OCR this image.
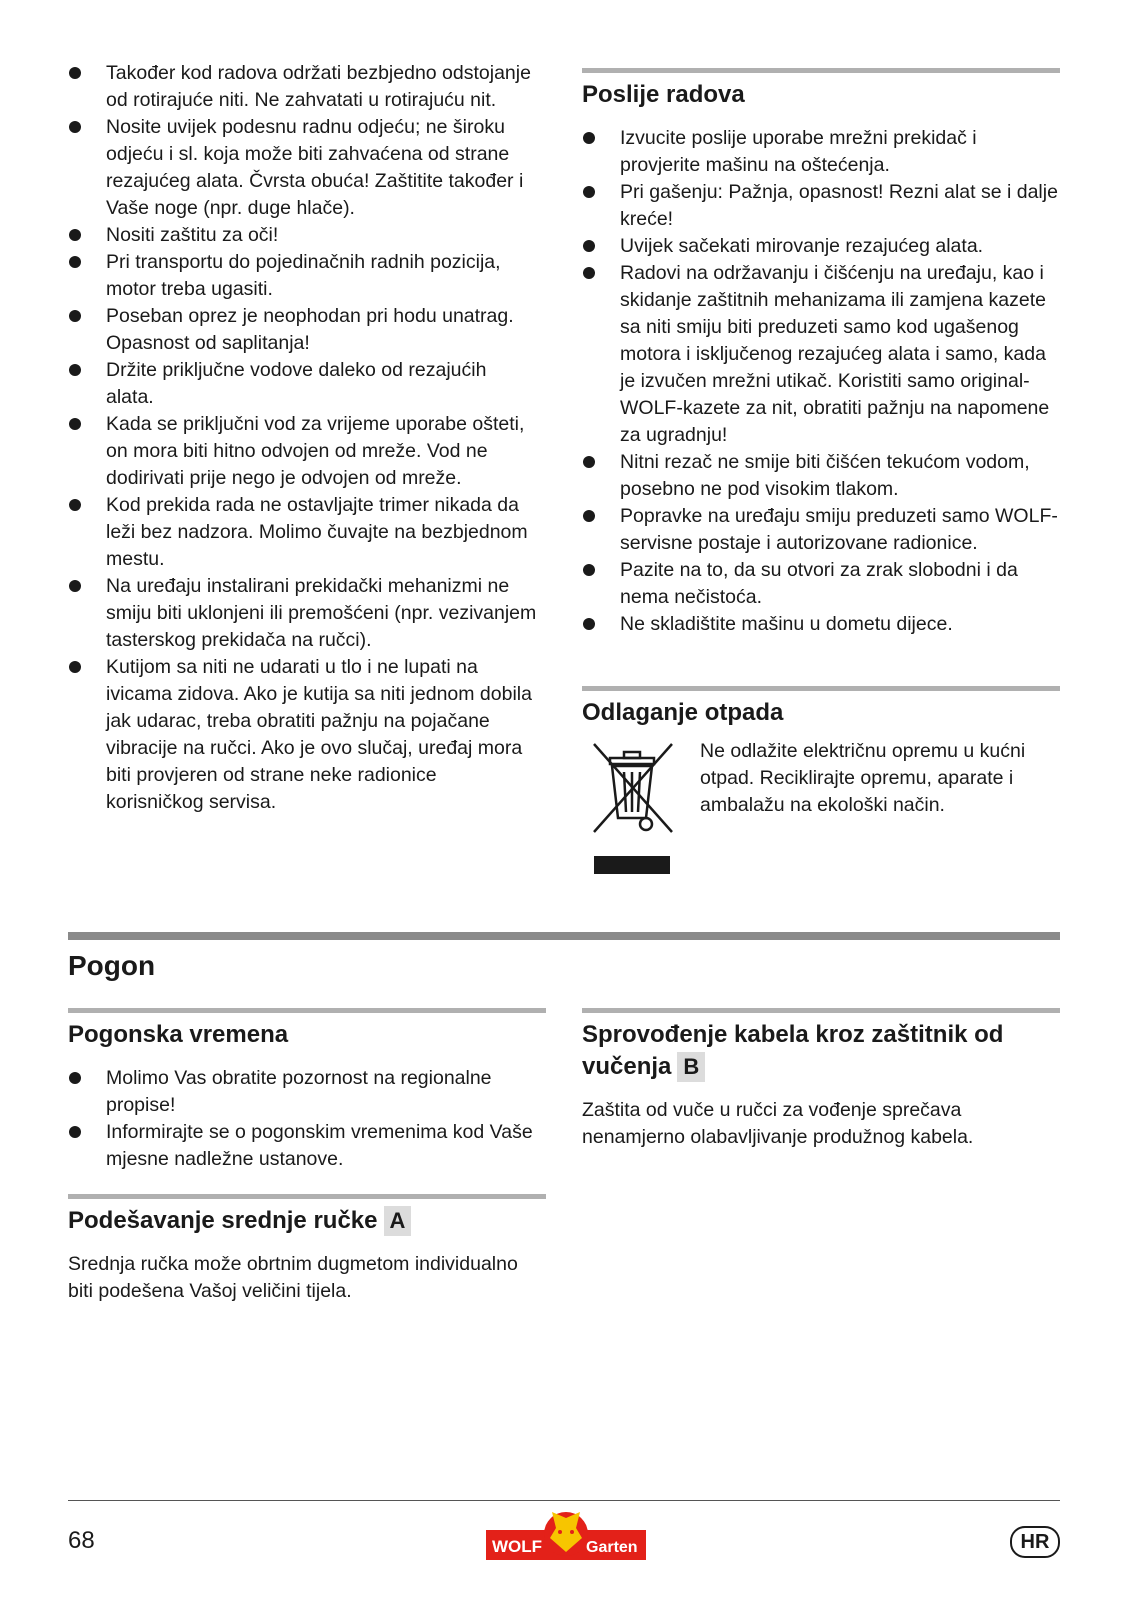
Također kod radova održati bezbjedno odstojanje od rotirajuće niti. Ne zahvatati u rotirajuću nit.
Nosite uvijek podesnu radnu odjeću; ne široku odjeću i sl. koja može biti zahvaćena od strane rezajućeg alata. Čvrsta obuća! Zaštitite također i Vaše noge (npr. duge hlače).
Nositi zaštitu za oči!
Pri transportu do pojedinačnih radnih pozicija, motor treba ugasiti.
Poseban oprez je neophodan pri hodu unatrag. Opasnost od saplitanja!
Držite priključne vodove daleko od rezajućih alata.
Kada se priključni vod za vrijeme uporabe ošteti, on mora biti hitno odvojen od mreže. Vod ne dodirivati prije nego je odvojen od mreže.
Kod prekida rada ne ostavljajte trimer nikada da leži bez nadzora. Molimo čuvajte na bezbjednom mestu.
Na uređaju instalirani prekidački mehanizmi ne smiju biti uklonjeni ili premošćeni (npr. vezivanjem tasterskog prekidača na ručci).
Kutijom sa niti ne udarati u tlo i ne lupati na ivicama zidova. Ako je kutija sa niti jednom dobila jak udarac, treba obratiti pažnju na pojačane vibracije na ručci. Ako je ovo slučaj, uređaj mora biti provjeren od strane neke radionice korisničkog servisa.
Poslije radova
Izvucite poslije uporabe mrežni prekidač i provjerite mašinu na oštećenja.
Pri gašenju: Pažnja, opasnost! Rezni alat se i dalje kreće!
Uvijek sačekati mirovanje rezajućeg alata.
Radovi na održavanju i čišćenju na uređaju, kao i skidanje zaštitnih mehanizama ili zamjena kazete sa niti smiju biti preduzeti samo kod ugašenog motora i isključenog rezajućeg alata i samo, kada je izvučen mrežni utikač. Koristiti samo original-WOLF-kazete za nit, obratiti pažnju na napomene za ugradnju!
Nitni rezač ne smije biti čišćen tekućom vodom, posebno ne pod visokim tlakom.
Popravke na uređaju smiju preduzeti samo WOLF-servisne postaje i autorizovane radionice.
Pazite na to, da su otvori za zrak slobodni i da nema nečistoća.
Ne skladištite mašinu u dometu dijece.
Odlaganje otpada

Ne odlažite električnu opremu u kućni otpad. Reciklirajte opremu, aparate i ambalažu na ekološki način.

Pogon
Pogonska vremena
Molimo Vas obratite pozornost na regionalne propise!
Informirajte se o pogonskim vremenima kod Vaše mjesne nadležne ustanove.
Podešavanje srednje ručke A

Srednja ručka može obrtnim dugmetom individualno biti podešena Vašoj veličini tijela.

Sprovođenje kabela kroz zaštitnik od vučenja B

Zaštita od vuče u ručci za vođenje sprečava nenamjerno olabavljivanje produžnog kabela.

68	WOLF	Garten	HR
